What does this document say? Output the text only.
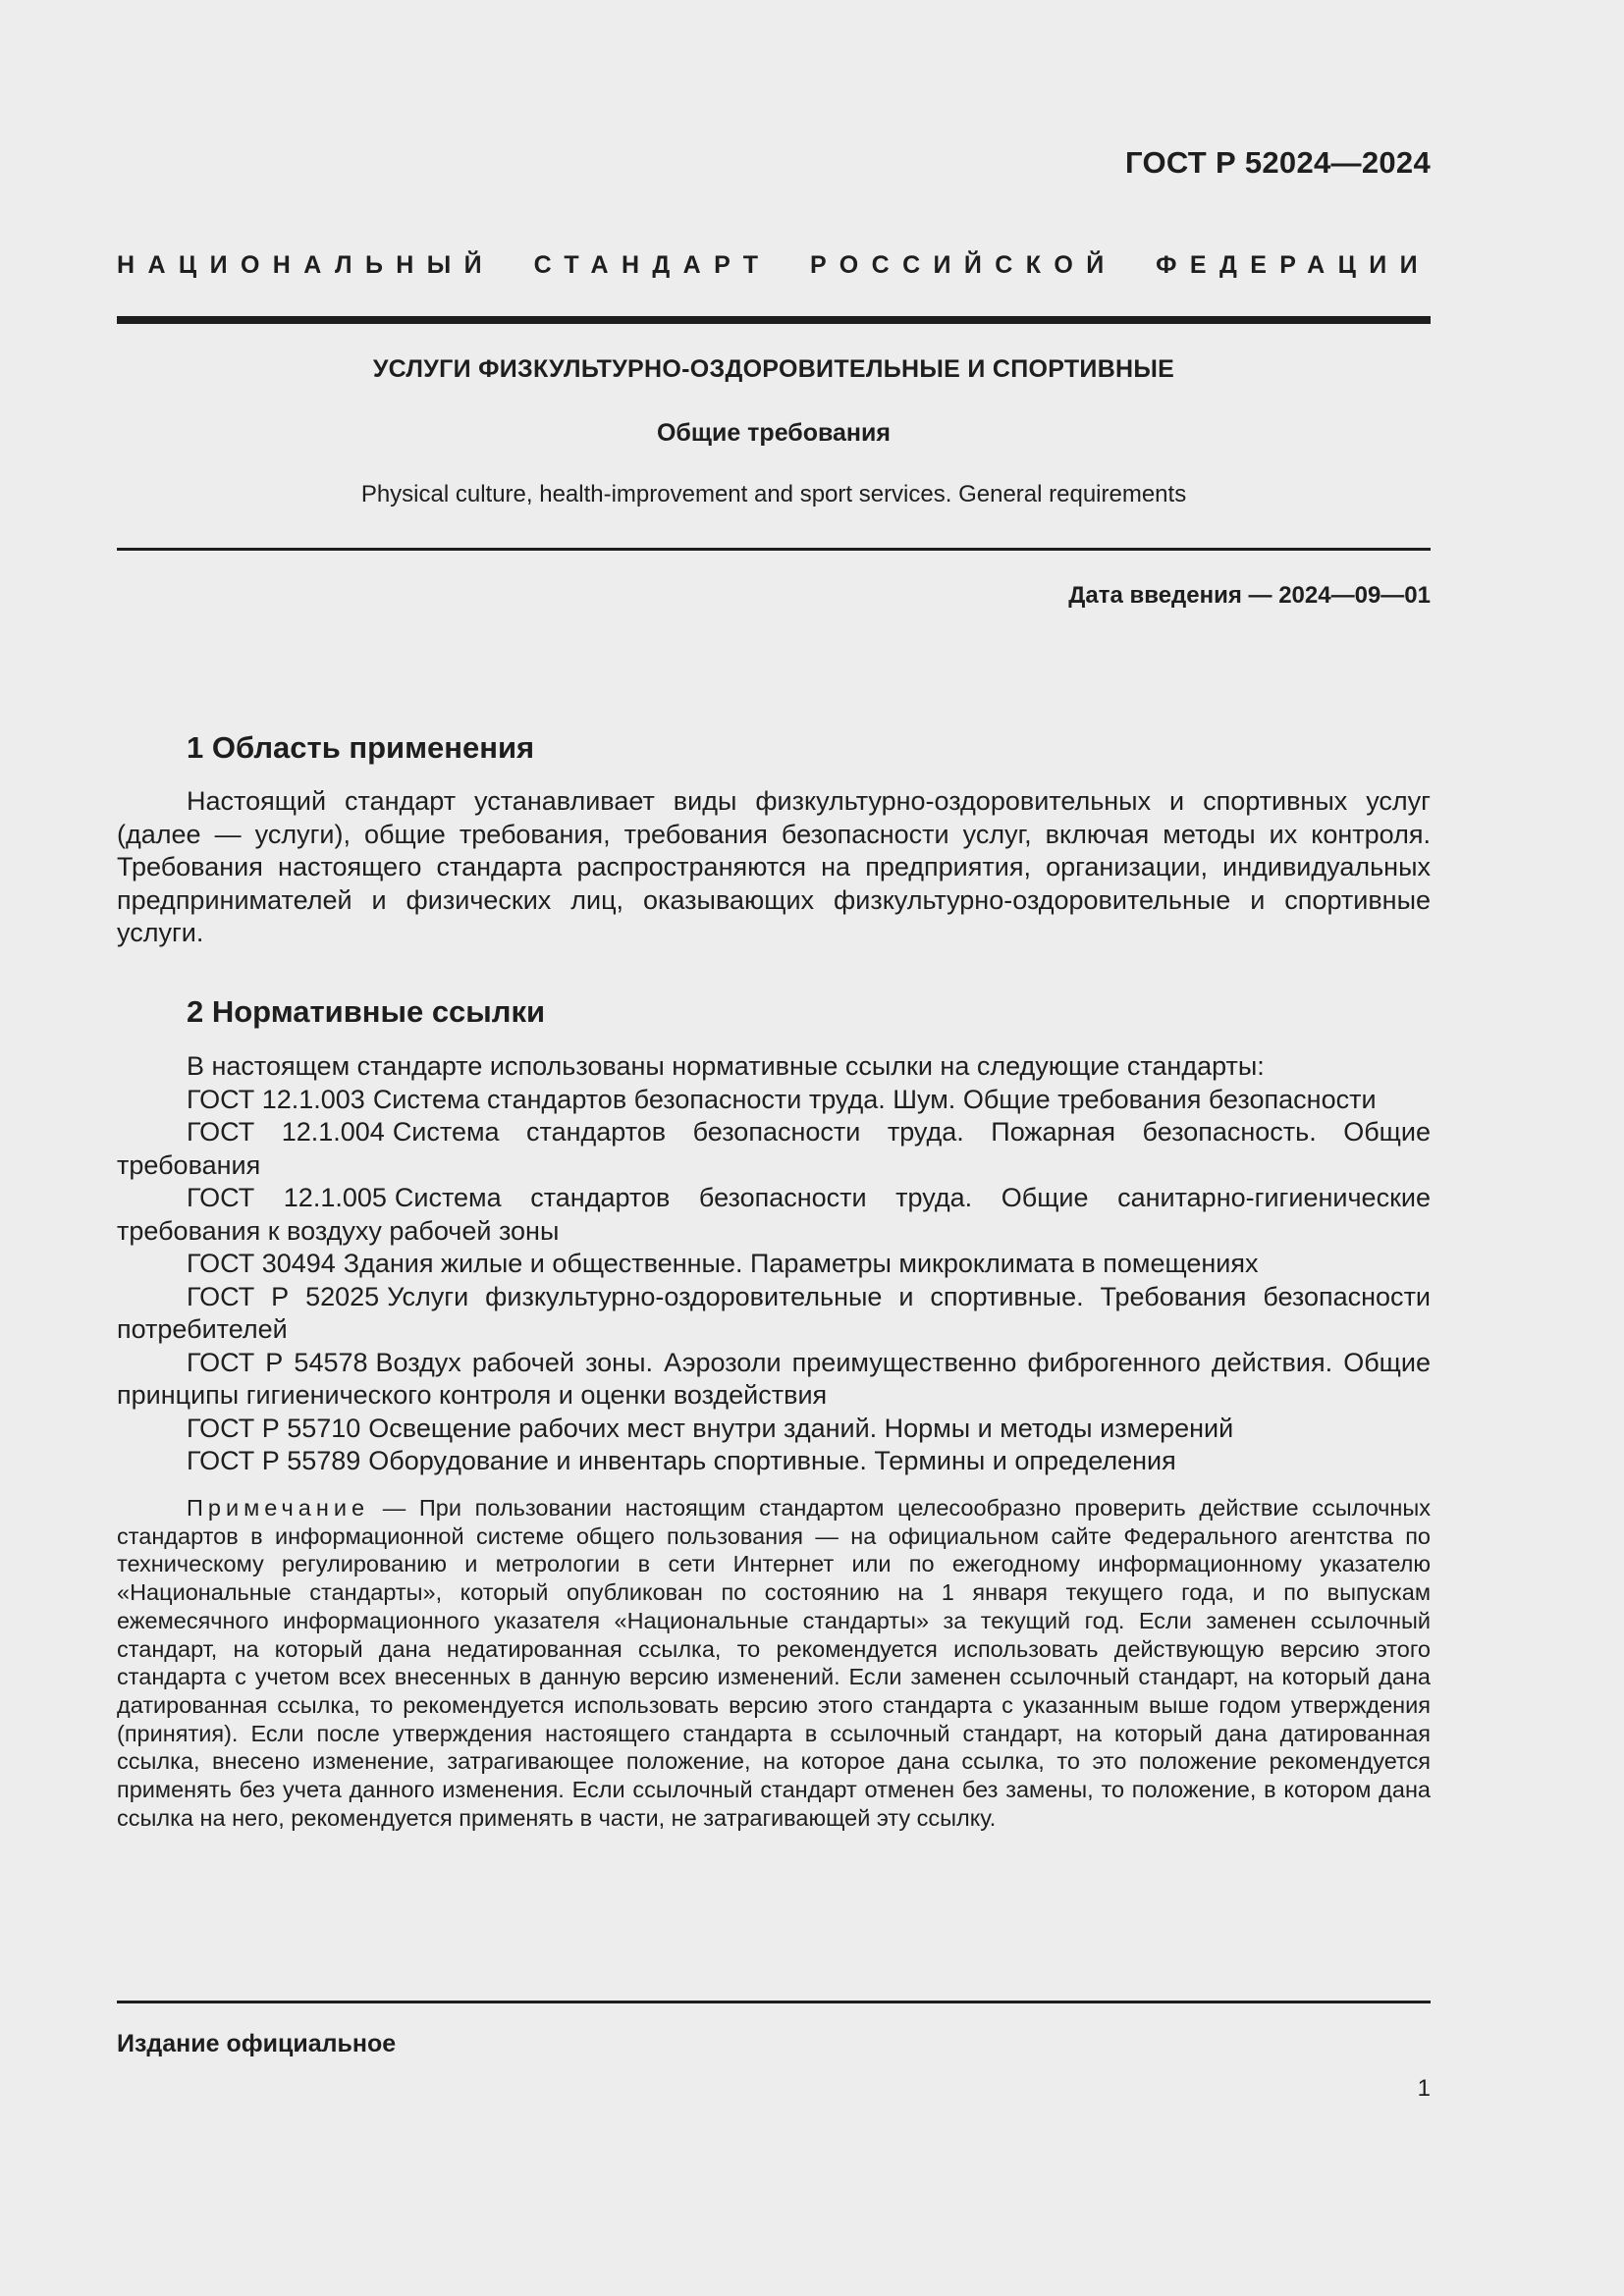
ГОСТ Р 52024—2024
НАЦИОНАЛЬНЫЙ СТАНДАРТ РОССИЙСКОЙ ФЕДЕРАЦИИ
УСЛУГИ ФИЗКУЛЬТУРНО-ОЗДОРОВИТЕЛЬНЫЕ И СПОРТИВНЫЕ
Общие требования
Physical culture, health-improvement and sport services. General requirements
Дата введения — 2024—09—01
1 Область применения

Настоящий стандарт устанавливает виды физкультурно-оздоровительных и спортивных услуг (далее — услуги), общие требования, требования безопасности услуг, включая методы их контроля. Требования настоящего стандарта распространяются на предприятия, организации, индивидуальных предпринимателей и физических лиц, оказывающих физкультурно-оздоровительные и спортивные услуги.

2 Нормативные ссылки

В настоящем стандарте использованы нормативные ссылки на следующие стандарты:

ГОСТ 12.1.003 Система стандартов безопасности труда. Шум. Общие требования безопасности

ГОСТ 12.1.004 Система стандартов безопасности труда. Пожарная безопасность. Общие требования

ГОСТ 12.1.005 Система стандартов безопасности труда. Общие санитарно-гигиенические требования к воздуху рабочей зоны

ГОСТ 30494 Здания жилые и общественные. Параметры микроклимата в помещениях

ГОСТ Р 52025 Услуги физкультурно-оздоровительные и спортивные. Требования безопасности потребителей

ГОСТ Р 54578 Воздух рабочей зоны. Аэрозоли преимущественно фиброгенного действия. Общие принципы гигиенического контроля и оценки воздействия

ГОСТ Р 55710 Освещение рабочих мест внутри зданий. Нормы и методы измерений

ГОСТ Р 55789 Оборудование и инвентарь спортивные. Термины и определения

Примечание — При пользовании настоящим стандартом целесообразно проверить действие ссылочных стандартов в информационной системе общего пользования — на официальном сайте Федерального агентства по техническому регулированию и метрологии в сети Интернет или по ежегодному информационному указателю «Национальные стандарты», который опубликован по состоянию на 1 января текущего года, и по выпускам ежемесячного информационного указателя «Национальные стандарты» за текущий год. Если заменен ссылочный стандарт, на который дана недатированная ссылка, то рекомендуется использовать действующую версию этого стандарта с учетом всех внесенных в данную версию изменений. Если заменен ссылочный стандарт, на который дана датированная ссылка, то рекомендуется использовать версию этого стандарта с указанным выше годом утверждения (принятия). Если после утверждения настоящего стандарта в ссылочный стандарт, на который дана датированная ссылка, внесено изменение, затрагивающее положение, на которое дана ссылка, то это положение рекомендуется применять без учета данного изменения. Если ссылочный стандарт отменен без замены, то положение, в котором дана ссылка на него, рекомендуется применять в части, не затрагивающей эту ссылку.

Издание официальное
1
